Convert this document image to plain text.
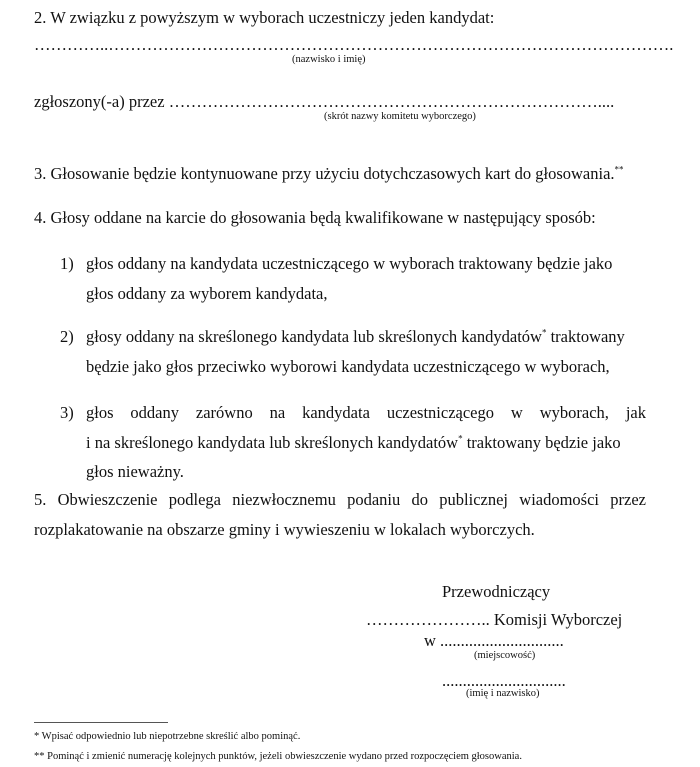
2. W związku z powyższym w wyborach uczestniczy jeden kandydat:
…………..………………………………………………………………………………………….
(nazwisko i imię)
zgłoszony(-a) przez ……………………………………………………………………....
(skrót nazwy komitetu wyborczego)
3. Głosowanie będzie kontynuowane przy użyciu dotychczasowych kart do głosowania.**
4. Głosy oddane na karcie do głosowania będą kwalifikowane w następujący sposób:
1) głos oddany na kandydata uczestniczącego w wyborach traktowany będzie jako
głos oddany za wyborem kandydata,
2) głosy oddany na skreślonego kandydata lub skreślonych kandydatów* traktowany
będzie jako głos przeciwko wyborowi kandydata uczestniczącego w wyborach,
3) głos oddany zarówno na kandydata uczestniczącego w wyborach, jak
i na skreślonego kandydata lub skreślonych kandydatów* traktowany będzie jako
głos nieważny.
5. Obwieszczenie podlega niezwłocznemu podaniu do publicznej wiadomości przez
rozplakatowanie na obszarze gminy i wywieszeniu w lokalach wyborczych.
Przewodniczący
………………….. Komisji Wyborczej
w ..............................
(miejscowość)
..............................
(imię i nazwisko)
* Wpisać odpowiednio lub niepotrzebne skreślić albo pominąć.
** Pominąć i zmienić numerację kolejnych punktów, jeżeli obwieszczenie wydano przed rozpoczęciem głosowania.
